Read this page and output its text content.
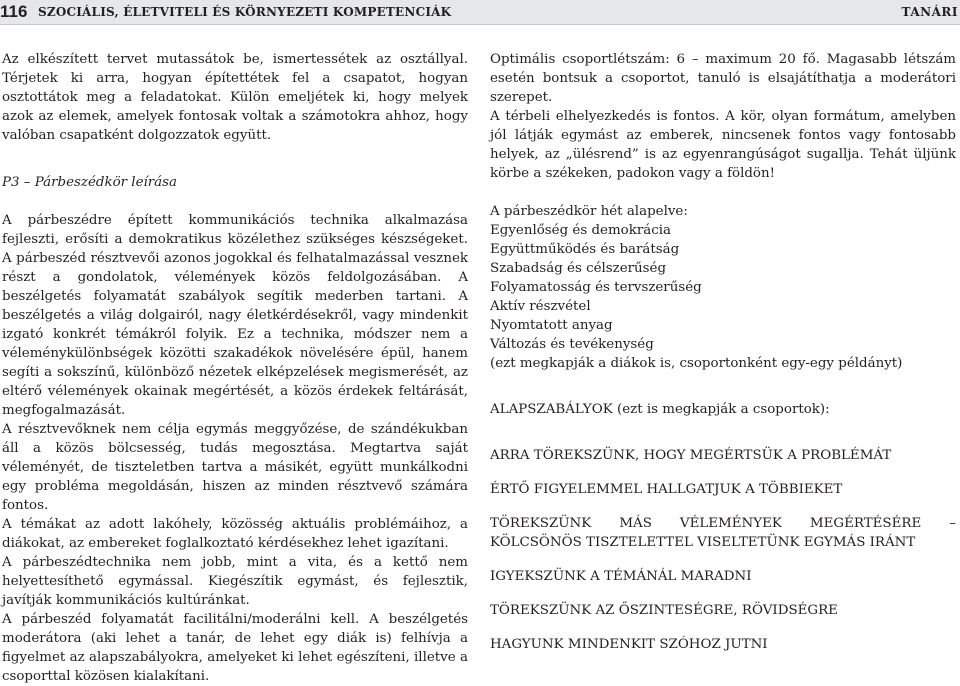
116 SZOCIÁLIS, ÉLETVITELI ÉS KÖRNYEZETI KOMPETENCIÁK	TANÁRI

Az elkészített tervet mutassátok be, ismertessétek az osztállyal. Térjetek ki arra, hogyan építettétek fel a csapatot, hogyan osztottátok meg a feladatokat. Külön emeljétek ki, hogy melyek azok az elemek, amelyek fontosak voltak a számotokra ahhoz, hogy valóban csapatként dolgozzatok együtt.

P3 – Párbeszédkör leírása

A párbeszédre épített kommunikációs technika alkalmazása fejleszti, erősíti a demokratikus közélethez szükséges készségeket. A párbeszéd résztvevői azonos jogokkal és felhatalmazással vesznek részt a gondolatok, vélemények közös feldolgozásában. A beszélgetés folyamatát szabályok segítik mederben tartani. A beszélgetés a világ dolgairól, nagy életkérdésekről, vagy mindenkit izgató konkrét témákról folyik. Ez a technika, módszer nem a véleménykülönbségek közötti szakadékok növelésére épül, hanem segíti a sokszínű, különböző nézetek elképzelések megismerését, az eltérő vélemények okainak megértését, a közös érdekek feltárását, megfogalmazását.

A résztvevőknek nem célja egymás meggyőzése, de szándékukban áll a közös bölcsesség, tudás megosztása. Megtartva saját véleményét, de tiszteletben tartva a másikét, együtt munkálkodni egy probléma megoldásán, hiszen az minden résztvevő számára fontos.

A témákat az adott lakóhely, közösség aktuális problémáihoz, a diákokat, az embereket foglalkoztató kérdésekhez lehet igazítani.

A párbeszédtechnika nem jobb, mint a vita, és a kettő nem helyettesíthető egymással. Kiegészítik egymást, és fejlesztik, javítják kommunikációs kultúránkat.

A párbeszéd folyamatát facilitálni/moderálni kell. A beszélgetés moderátora (aki lehet a tanár, de lehet egy diák is) felhívja a figyelmet az alapszabályokra, amelyeket ki lehet egészíteni, illetve a csoporttal közösen kialakítani.

Optimális csoportlétszám: 6 – maximum 20 fő. Magasabb létszám esetén bontsuk a csoportot, tanuló is elsajátíthatja a moderátori szerepet.

A térbeli elhelyezkedés is fontos. A kör, olyan formátum, amelyben jól látják egymást az emberek, nincsenek fontos vagy fontosabb helyek, az „ülésrend” is az egyenrangúságot sugallja. Tehát üljünk körbe a székeken, padokon vagy a földön!

A párbeszédkör hét alapelve:

Egyenlőség és demokrácia

Együttműködés és barátság

Szabadság és célszerűség

Folyamatosság és tervszerűség

Aktív részvétel

Nyomtatott anyag

Változás és tevékenység

(ezt megkapják a diákok is, csoportonként egy-egy példányt)

ALAPSZABÁLYOK (ezt is megkapják a csoportok):

ARRA TÖREKSZÜNK, HOGY MEGÉRTSÜK A PROBLÉMÁT

ÉRTŐ FIGYELEMMEL HALLGATJUK A TÖBBIEKET

TÖREKSZÜNK MÁS VÉLEMÉNYEK MEGÉRTÉSÉRE – KÖLCSÖNÖS TISZTELETTEL VISELTETÜNK EGYMÁS IRÁNT

IGYEKSZÜNK A TÉMÁNÁL MARADNI

TÖREKSZÜNK AZ ŐSZINTESÉGRE, RÖVIDSÉGRE

HAGYUNK MINDENKIT SZÓHOZ JUTNI
